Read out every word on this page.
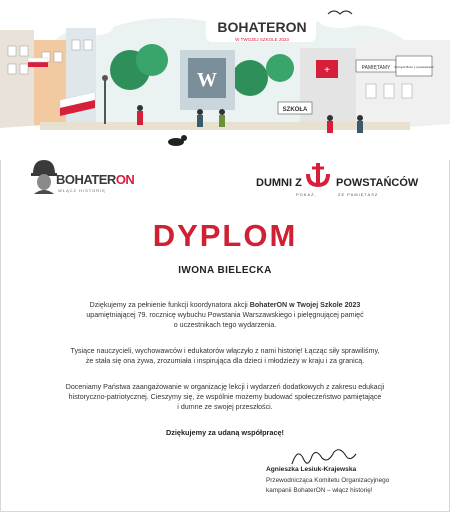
W
BOHATERON
W TWOJEJ SZKOLE 2023
+	PAMIĘTAMY Szczęść Boże z powstańcami
SZKOŁA
BOHATERON
WŁĄCZ HISTORIĘ
DUMNI Z	POWSTAŃCÓW
POKAŻ,	ŻE PAMIĘTASZ
DYPLOM
IWONA BIELECKA
Dziękujemy za pełnienie funkcji koordynatora akcji BohaterON w Twojej Szkole 2023
upamiętniającej 79. rocznicę wybuchu Powstania Warszawskiego i pielęgnującej pamięć
o uczestnikach tego wydarzenia.
Tysiące nauczycieli, wychowawców i edukatorów włączyło z nami historię! Łącząc siły sprawiliśmy,
że stała się ona żywa, zrozumiała i inspirująca dla dzieci i młodzieży w kraju i za granicą.
Doceniamy Państwa zaangażowanie w organizację lekcji i wydarzeń dodatkowych z zakresu edukacji
historyczno-patriotycznej. Cieszymy się, że wspólnie możemy budować społeczeństwo pamiętające
i dumne ze swojej przeszłości.
Dziękujemy za udaną współpracę!
Agnieszka Lesiuk-Krajewska
Przewodnicząca Komitetu Organizacyjnego
kampanii BohaterON – włącz historię!
